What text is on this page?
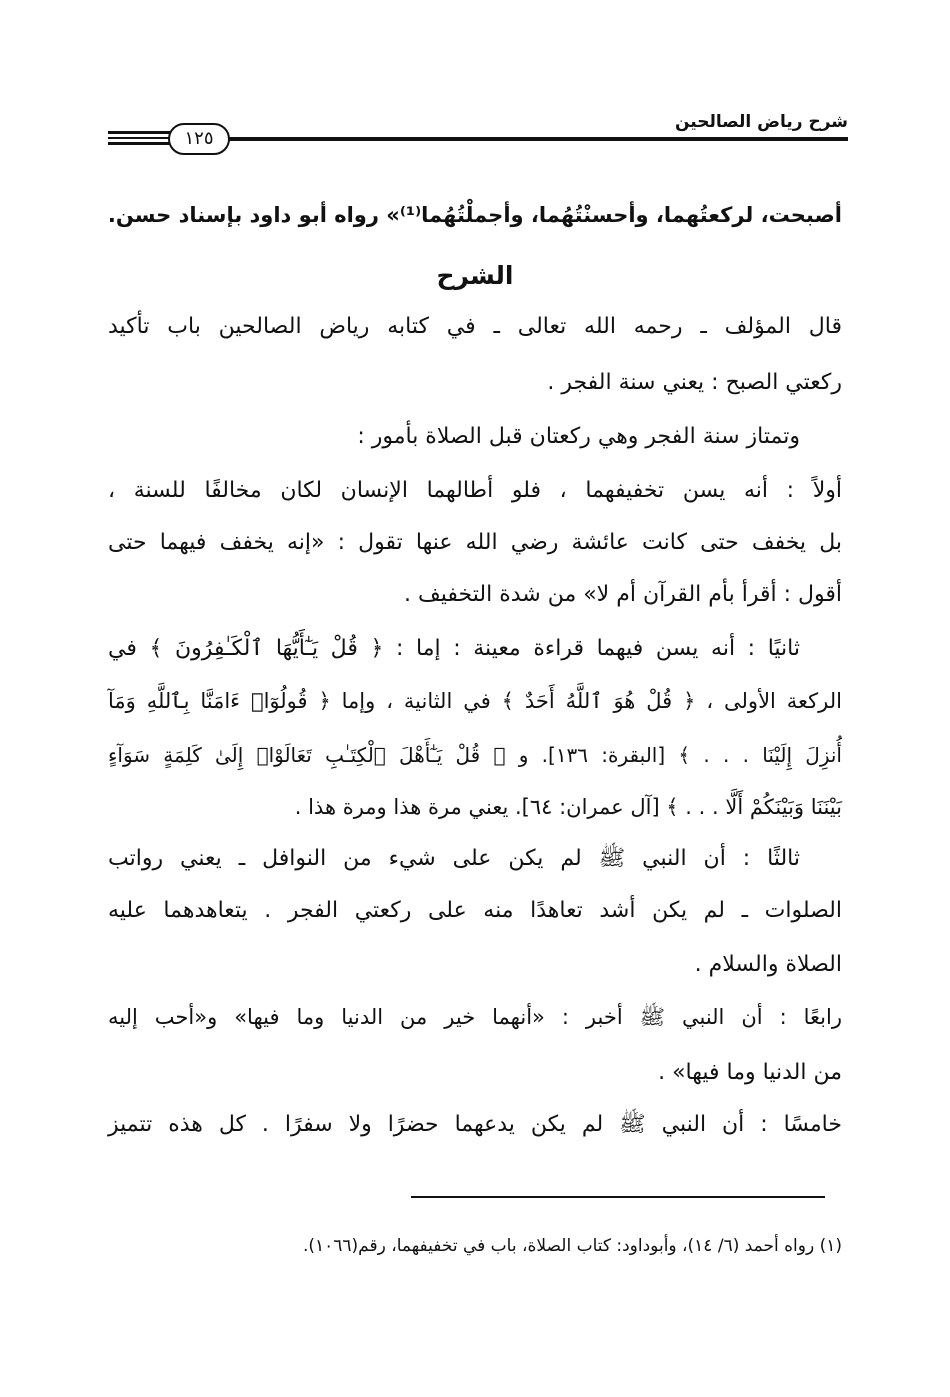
شرح رياض الصالحين
١٢٥
أصبحت، لركعتُهما، وأحسنْتُهُما، وأجملْتُهُما⁽¹⁾» رواه أبو داود بإسناد حسن.
الشرح
قال المؤلف ـ رحمه الله تعالى ـ في كتابه رياض الصالحين باب تأكيد
ركعتي الصبح : يعني سنة الفجر .
وتمتاز سنة الفجر وهي ركعتان قبل الصلاة بأمور :
أولاً : أنه يسن تخفيفهما ، فلو أطالهما الإنسان لكان مخالفًا للسنة ،
بل يخفف حتى كانت عائشة رضي الله عنها تقول : «إنه يخفف فيهما حتى
أقول : أقرأ بأم القرآن أم لا» من شدة التخفيف .
ثانيًا : أنه يسن فيهما قراءة معينة : إما : ﴿ قُلْ يَـٰٓأَيُّهَا ٱلْكَـٰفِرُونَ ﴾ في
الركعة الأولى ، ﴿ قُلْ هُوَ ٱللَّهُ أَحَدٌ ﴾ في الثانية ، وإما ﴿ قُولُوٓا۟ ءَامَنَّا بِٱللَّهِ وَمَآ
أُنزِلَ إِلَيْنَا . . . ﴾ [البقرة: ١٣٦]. و ﴿ قُلْ يَـٰٓأَهْلَ ٱلْكِتَـٰبِ تَعَالَوْا۟ إِلَىٰ كَلِمَةٍ سَوَآءٍ
بَيْنَنَا وَبَيْنَكُمْ أَلَّا . . . ﴾ [آل عمران: ٦٤]. يعني مرة هذا ومرة هذا .
ثالثًا : أن النبي ﷺ لم يكن على شيء من النوافل ـ يعني رواتب
الصلوات ـ لم يكن أشد تعاهدًا منه على ركعتي الفجر . يتعاهدهما عليه
الصلاة والسلام .
رابعًا : أن النبي ﷺ أخبر : «أنهما خير من الدنيا وما فيها» و«أحب إليه
من الدنيا وما فيها» .
خامسًا : أن النبي ﷺ لم يكن يدعهما حضرًا ولا سفرًا . كل هذه تتميز
(١) رواه أحمد (٦/ ١٤)، وأبوداود: كتاب الصلاة، باب في تخفيفهما، رقم(١٠٦٦).
